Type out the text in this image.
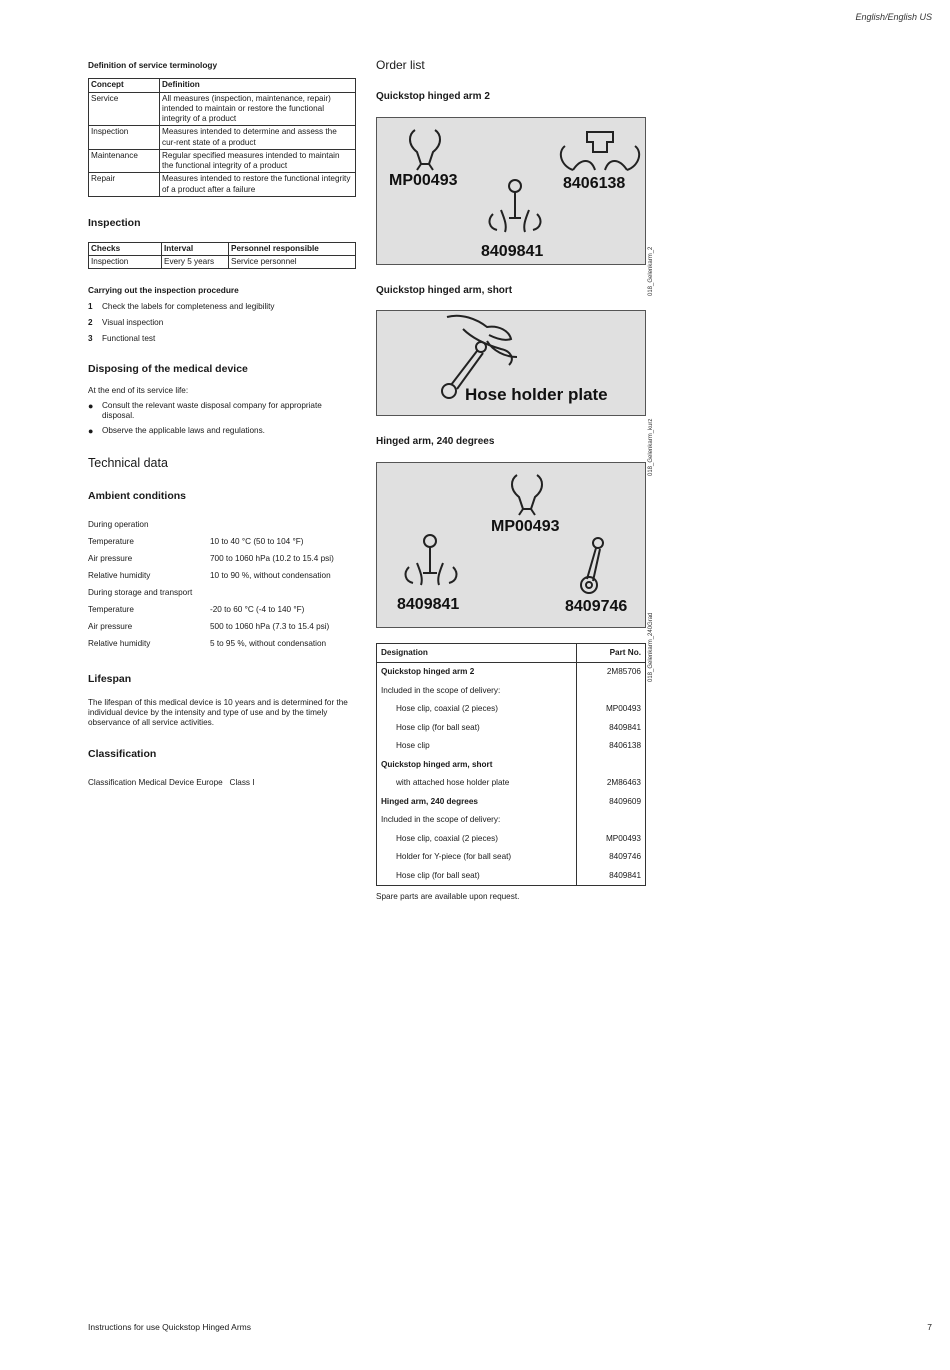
English/English US
Definition of service terminology
Concept	Definition
Service	All measures (inspection, maintenance, repair) intended to maintain or restore the functional integrity of a product
Inspection	Measures intended to determine and assess the cur-rent state of a product
Maintenance	Regular specified measures intended to maintain the functional integrity of a product
Repair	Measures intended to restore the functional integrity of a product after a failure
Inspection
Checks	Interval	Personnel responsible
Inspection	Every 5 years	Service personnel
Carrying out the inspection procedure
1	Check the labels for completeness and legibility
2	Visual inspection
3	Functional test
Disposing of the medical device
At the end of its service life:
●	Consult the relevant waste disposal company for appropriate disposal.
●	Observe the applicable laws and regulations.
Technical data
Ambient conditions
During operation
Temperature	10 to 40 °C (50 to 104 °F)
Air pressure	700 to 1060 hPa (10.2 to 15.4 psi)
Relative humidity	10 to 90 %, without condensation
During storage and transport
Temperature	-20 to 60 °C (-4 to 140 °F)
Air pressure	500 to 1060 hPa (7.3 to 15.4 psi)
Relative humidity	5 to 95 %, without condensation
Lifespan
The lifespan of this medical device is 10 years and is determined for the individual device by the intensity and type of use and by the timely observance of all service activities.
Classification
Classification Medical Device Europe Class I
Order list
Quickstop hinged arm 2
MP00493	8406138
8409841	018_Gelenkarm_2
Quickstop hinged arm, short
Hose holder plate
018_Gelenkarm_kurz
Hinged arm, 240 degrees
MP00493
8409841	8409746
018_Gelenkarm_240Grad
Designation	Part No.
Quickstop hinged arm 2	2M85706
Included in the scope of delivery:	
Hose clip, coaxial (2 pieces)	MP00493
Hose clip (for ball seat)	8409841
Hose clip	8406138
Quickstop hinged arm, short	
with attached hose holder plate	2M86463
Hinged arm, 240 degrees	8409609
Included in the scope of delivery:	
Hose clip, coaxial (2 pieces)	MP00493
Holder for Y-piece (for ball seat)	8409746
Hose clip (for ball seat)	8409841
Spare parts are available upon request.
Instructions for use Quickstop Hinged Arms	7
